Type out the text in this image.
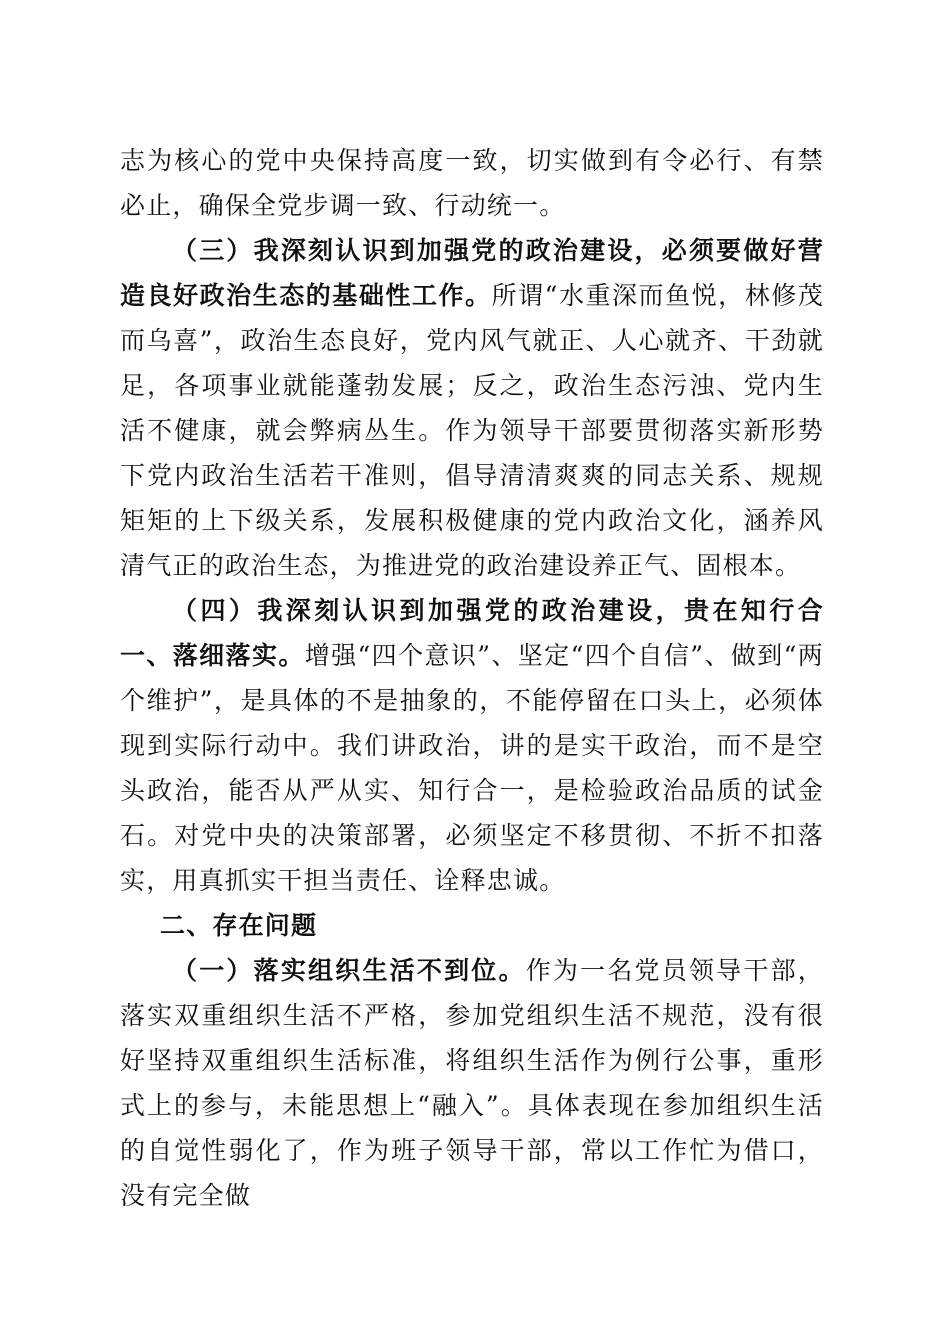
志为核心的党中央保持高度一致，切实做到有令必行、有禁必止，确保全党步调一致、行动统一。

（三）我深刻认识到加强党的政治建设，必须要做好营造良好政治生态的基础性工作。所谓“水重深而鱼悦，林修茂而乌喜”，政治生态良好，党内风气就正、人心就齐、干劲就足，各项事业就能蓬勃发展；反之，政治生态污浊、党内生活不健康，就会弊病丛生。作为领导干部要贯彻落实新形势下党内政治生活若干准则，倡导清清爽爽的同志关系、规规矩矩的上下级关系，发展积极健康的党内政治文化，涵养风清气正的政治生态，为推进党的政治建设养正气、固根本。

（四）我深刻认识到加强党的政治建设，贵在知行合一、落细落实。增强“四个意识”、坚定“四个自信”、做到“两个维护”，是具体的不是抽象的，不能停留在口头上，必须体现到实际行动中。我们讲政治，讲的是实干政治，而不是空头政治，能否从严从实、知行合一，是检验政治品质的试金石。对党中央的决策部署，必须坚定不移贯彻、不折不扣落实，用真抓实干担当责任、诠释忠诚。

二、存在问题

（一）落实组织生活不到位。作为一名党员领导干部，落实双重组织生活不严格，参加党组织生活不规范，没有很好坚持双重组织生活标准，将组织生活作为例行公事，重形式上的参与，未能思想上“融入”。具体表现在参加组织生活的自觉性弱化了，作为班子领导干部，常以工作忙为借口，没有完全做
